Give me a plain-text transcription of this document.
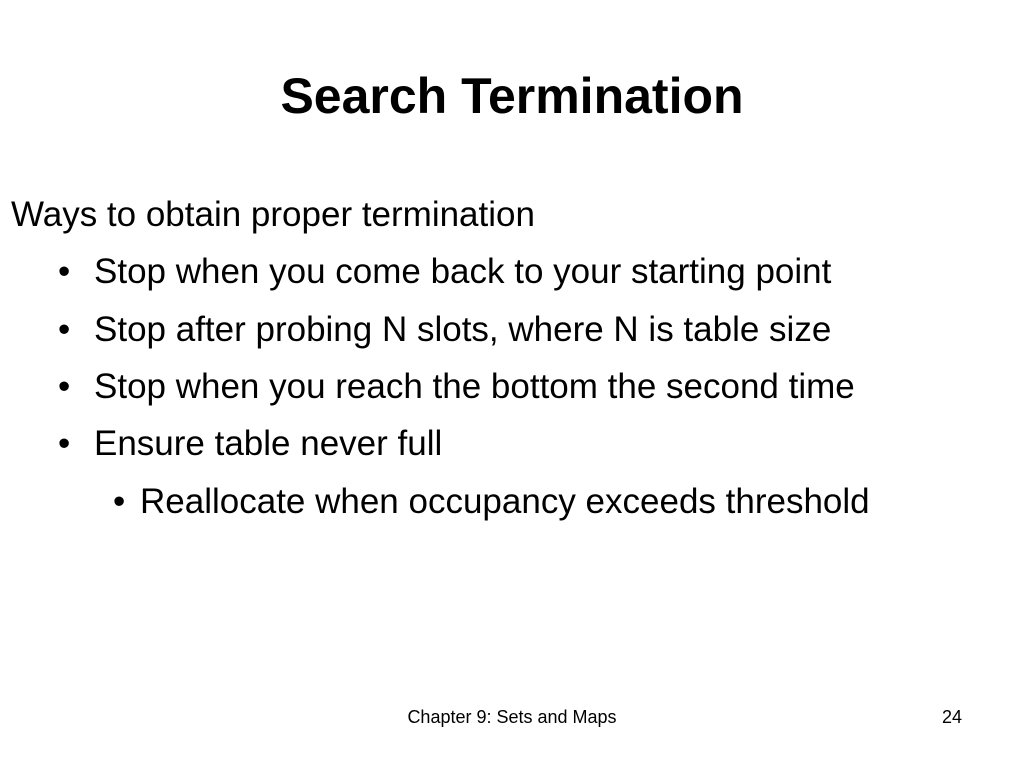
Search Termination
Ways to obtain proper termination
• Stop when you come back to your starting point
• Stop after probing N slots, where N is table size
• Stop when you reach the bottom the second time
• Ensure table never full
• Reallocate when occupancy exceeds threshold
Chapter 9: Sets and Maps	24
